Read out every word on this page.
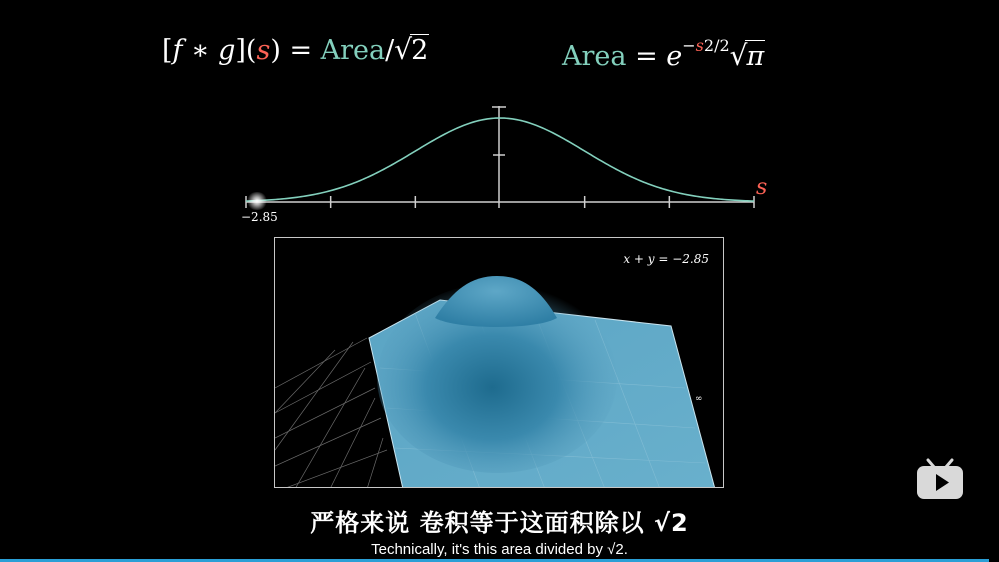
[f ∗ g](s) = Area/√2	Area = $e^{-s2/2}√\pi$
−2.85
s
x + y = −2.85
∞
严格来说 卷积等于这面积除以 √2
Technically, it's this area divided by √2.
